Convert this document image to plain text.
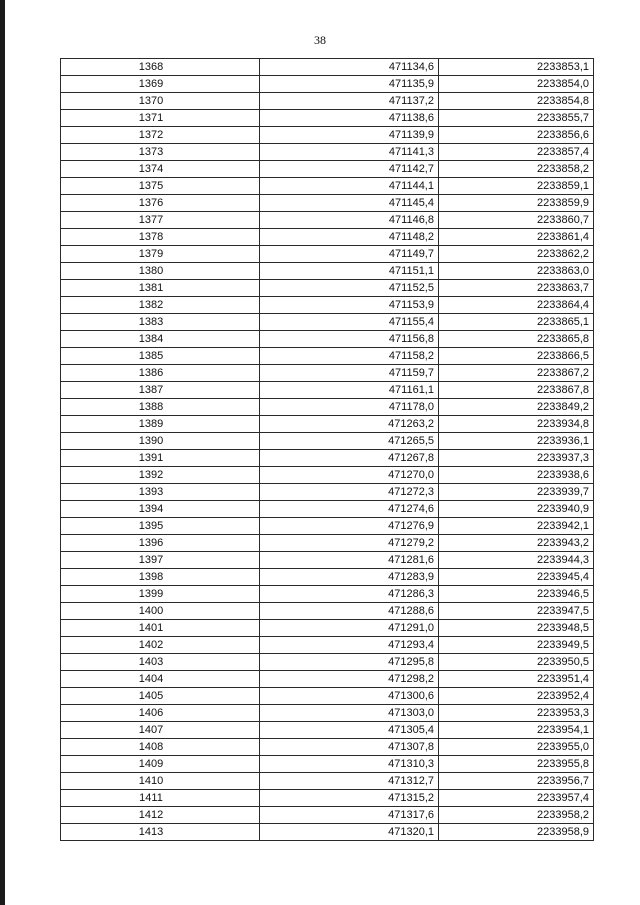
38
1368	471134,6	2233853,1
1369	471135,9	2233854,0
1370	471137,2	2233854,8
1371	471138,6	2233855,7
1372	471139,9	2233856,6
1373	471141,3	2233857,4
1374	471142,7	2233858,2
1375	471144,1	2233859,1
1376	471145,4	2233859,9
1377	471146,8	2233860,7
1378	471148,2	2233861,4
1379	471149,7	2233862,2
1380	471151,1	2233863,0
1381	471152,5	2233863,7
1382	471153,9	2233864,4
1383	471155,4	2233865,1
1384	471156,8	2233865,8
1385	471158,2	2233866,5
1386	471159,7	2233867,2
1387	471161,1	2233867,8
1388	471178,0	2233849,2
1389	471263,2	2233934,8
1390	471265,5	2233936,1
1391	471267,8	2233937,3
1392	471270,0	2233938,6
1393	471272,3	2233939,7
1394	471274,6	2233940,9
1395	471276,9	2233942,1
1396	471279,2	2233943,2
1397	471281,6	2233944,3
1398	471283,9	2233945,4
1399	471286,3	2233946,5
1400	471288,6	2233947,5
1401	471291,0	2233948,5
1402	471293,4	2233949,5
1403	471295,8	2233950,5
1404	471298,2	2233951,4
1405	471300,6	2233952,4
1406	471303,0	2233953,3
1407	471305,4	2233954,1
1408	471307,8	2233955,0
1409	471310,3	2233955,8
1410	471312,7	2233956,7
1411	471315,2	2233957,4
1412	471317,6	2233958,2
1413	471320,1	2233958,9
